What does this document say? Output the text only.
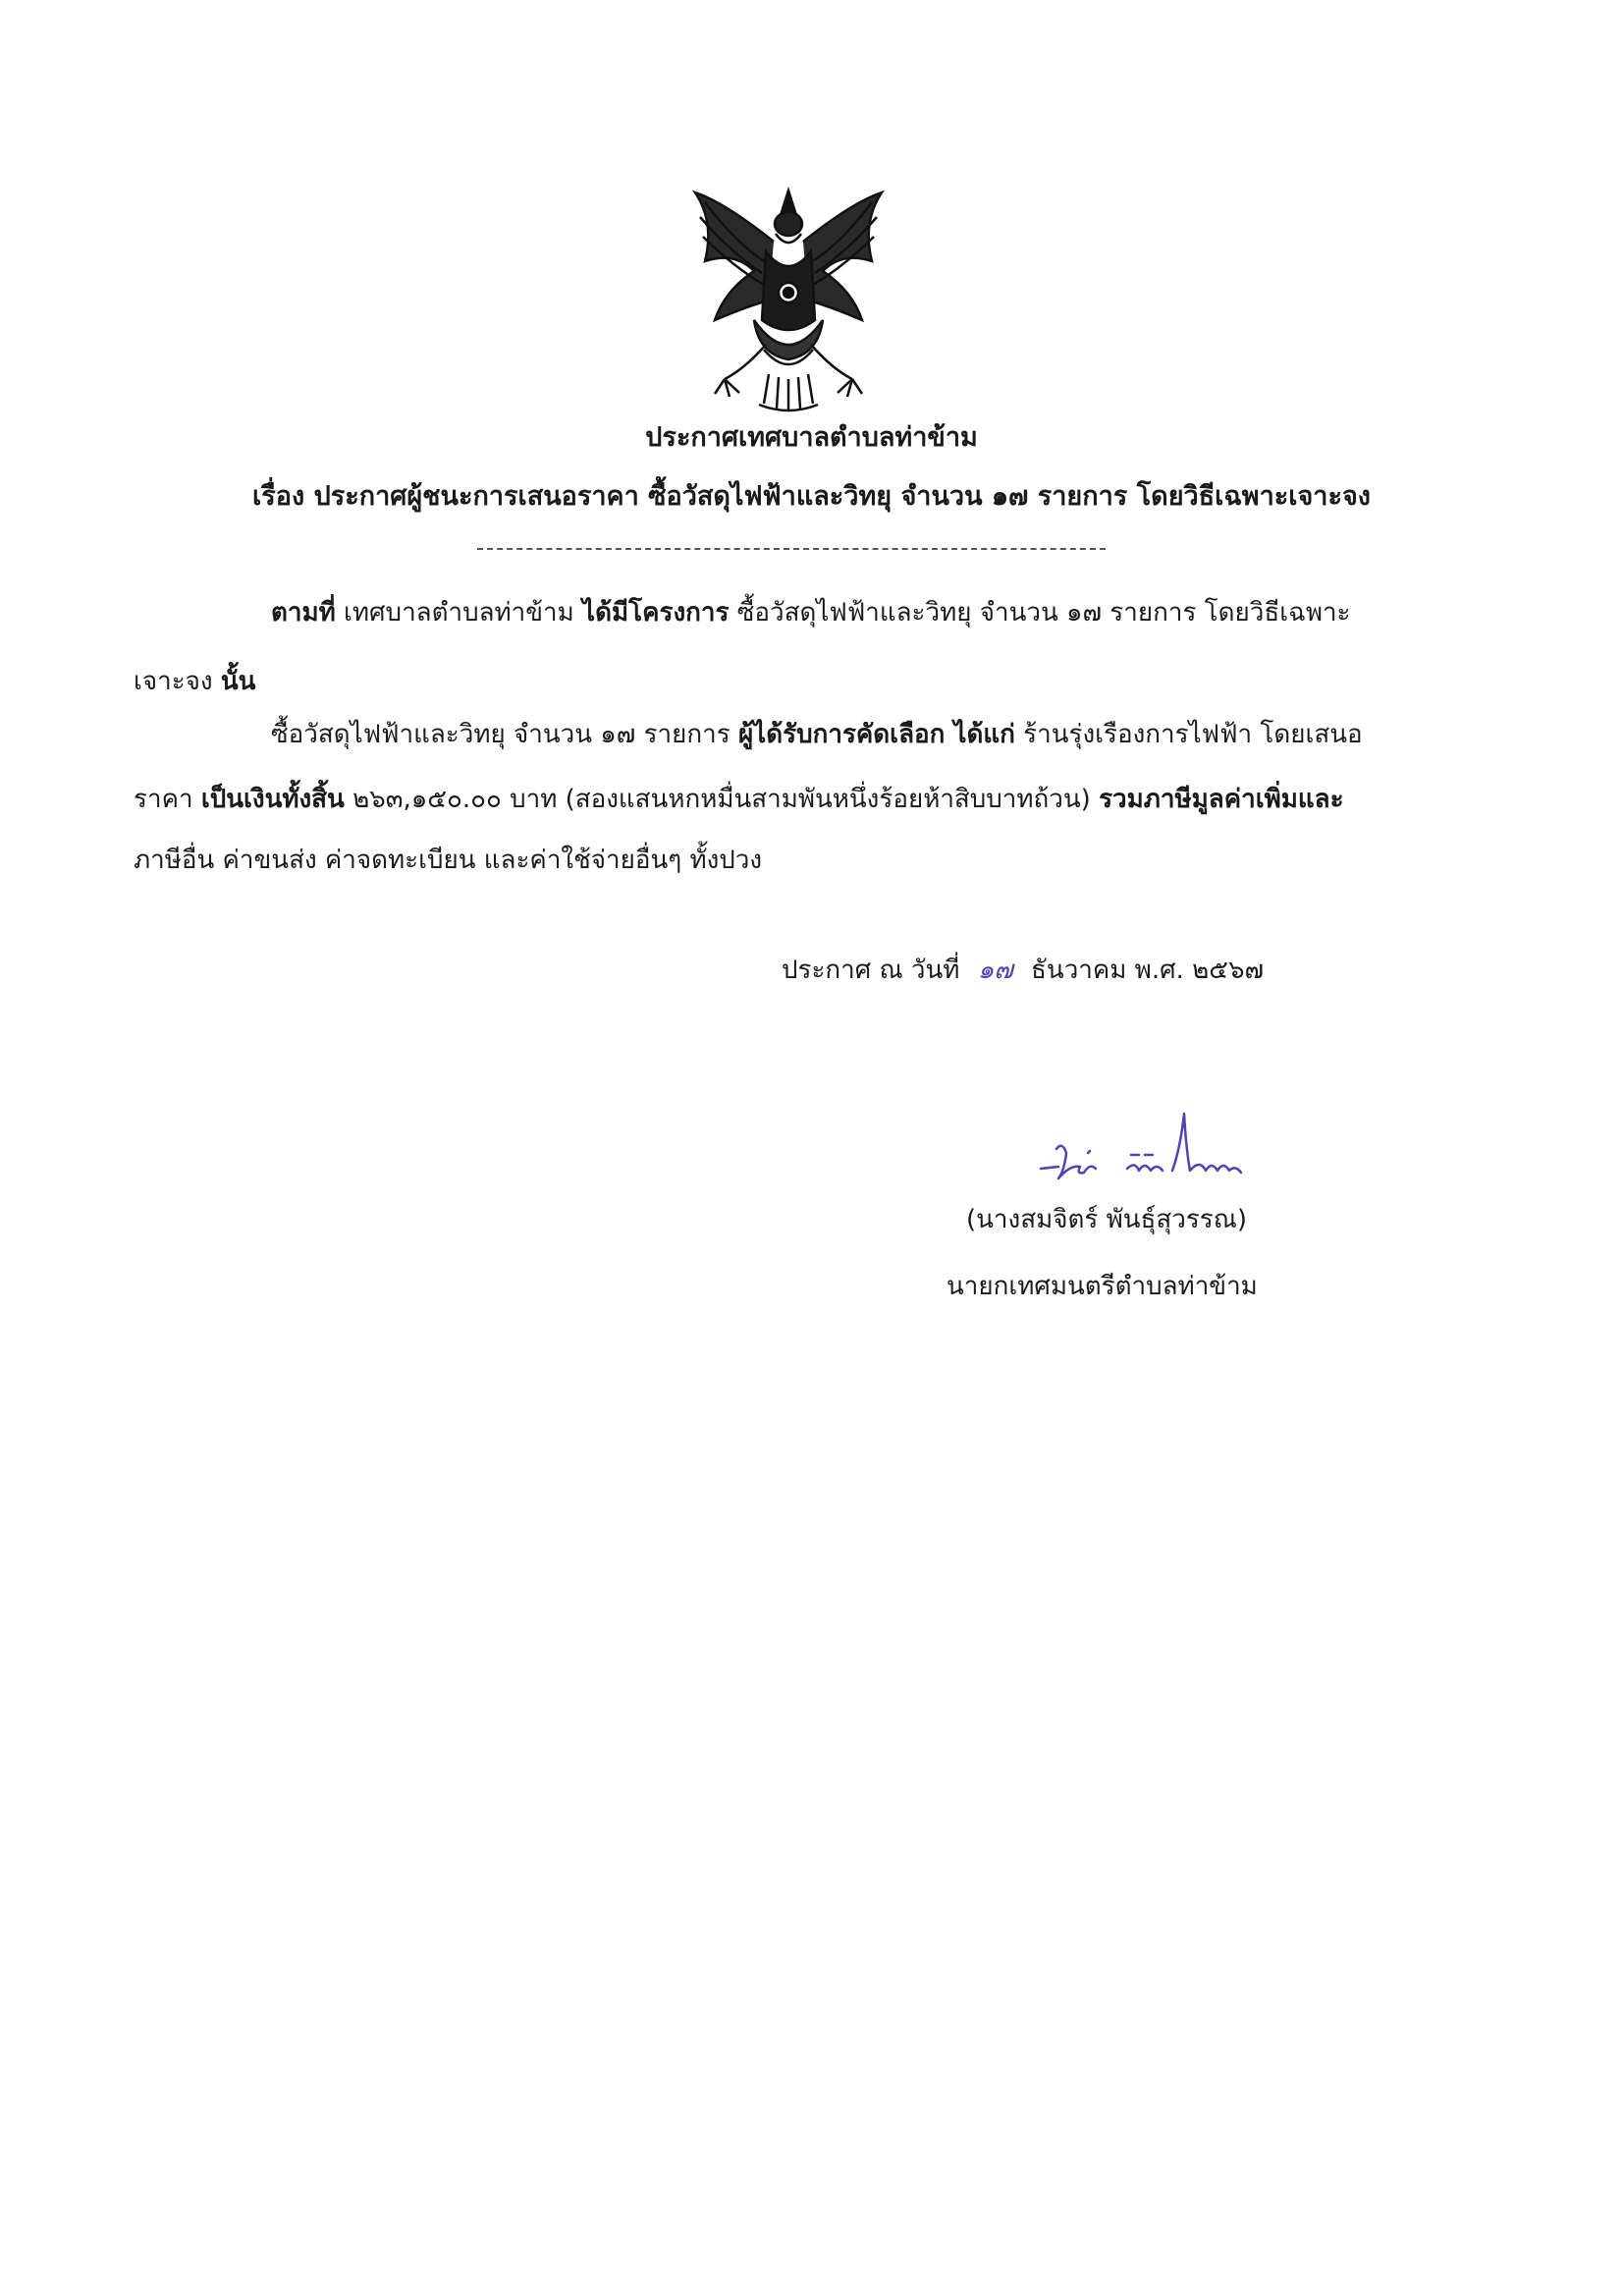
ประกาศเทศบาลตำบลท่าข้าม
เรื่อง ประกาศผู้ชนะการเสนอราคา ซื้อวัสดุไฟฟ้าและวิทยุ จำนวน ๑๗ รายการ โดยวิธีเฉพาะเจาะจง
ตามที่ เทศบาลตำบลท่าข้าม ได้มีโครงการ ซื้อวัสดุไฟฟ้าและวิทยุ จำนวน ๑๗ รายการ โดยวิธีเฉพาะ
เจาะจง นั้น
ซื้อวัสดุไฟฟ้าและวิทยุ จำนวน ๑๗ รายการ ผู้ได้รับการคัดเลือก ได้แก่ ร้านรุ่งเรืองการไฟฟ้า โดยเสนอ
ราคา เป็นเงินทั้งสิ้น ๒๖๓,๑๕๐.๐๐ บาท (สองแสนหกหมื่นสามพันหนึ่งร้อยห้าสิบบาทถ้วน) รวมภาษีมูลค่าเพิ่มและ
ภาษีอื่น ค่าขนส่ง ค่าจดทะเบียน และค่าใช้จ่ายอื่นๆ ทั้งปวง
ประกาศ ณ วันที่ ๑๗ ธันวาคม พ.ศ. ๒๕๖๗
(นางสมจิตร์ พันธุ์สุวรรณ)
นายกเทศมนตรีตำบลท่าข้าม
